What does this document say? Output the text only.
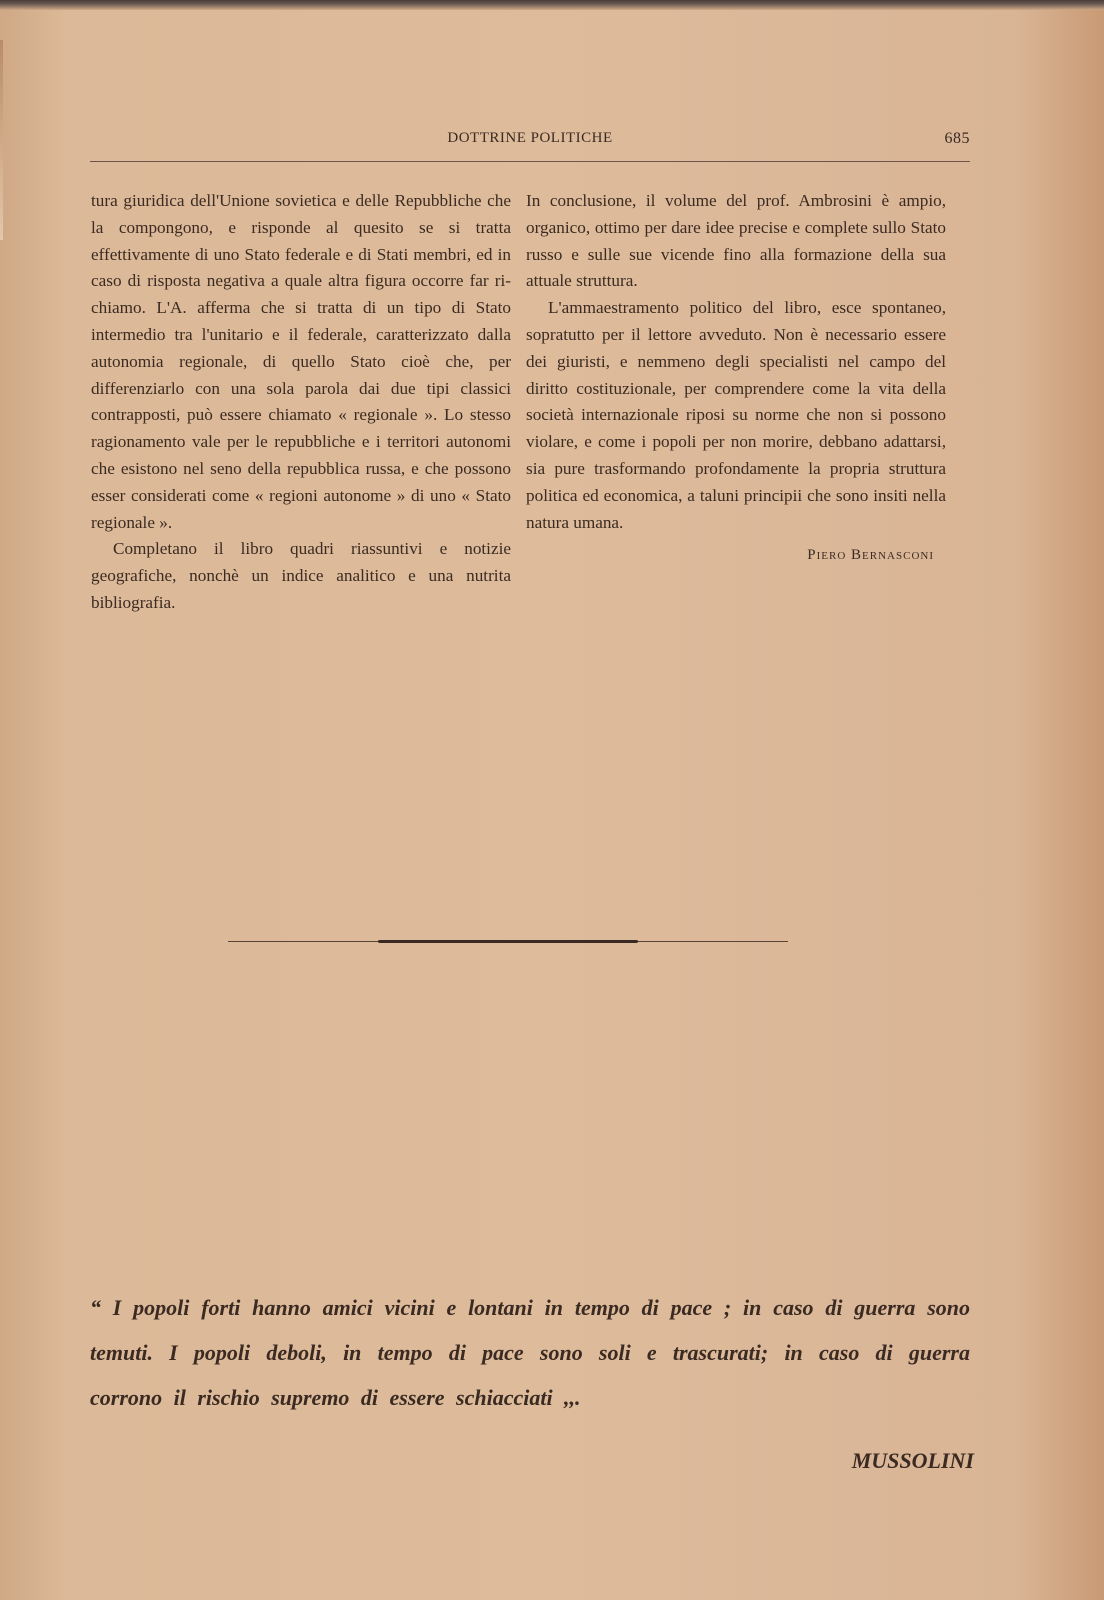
DOTTRINE POLITICHE	685

tura giuridica dell'Unione sovietica e delle Repubbliche che la compongono, e risponde al quesito se si tratta effettivamente di uno Stato federale e di Stati membri, ed in caso di risposta negativa a quale altra figura occorre far richiamo. L'A. afferma che si tratta di un tipo di Stato intermedio tra l'unitario e il federale, caratterizzato dalla autonomia regionale, di quello Stato cioè che, per differenziarlo con una sola parola dai due tipi classici contrapposti, può essere chiamato « regionale ». Lo stesso ragionamento vale per le repubbliche e i territori autonomi che esistono nel seno della repubblica russa, e che possono esser considerati come « regioni autonome » di uno « Stato regionale ».

Completano il libro quadri riassuntivi e notizie geografiche, nonchè un indice analitico e una nutrita bibliografia.

In conclusione, il volume del prof. Ambrosini è ampio, organico, ottimo per dare idee precise e complete sullo Stato russo e sulle sue vicende fino alla formazione della sua attuale struttura.

L'ammaestramento politico del libro, esce spontaneo, sopratutto per il lettore avveduto. Non è necessario essere dei giuristi, e nemmeno degli specialisti nel campo del diritto costituzionale, per comprendere come la vita della società internazionale riposi su norme che non si possono violare, e come i popoli per non morire, debbano adattarsi, sia pure trasformando profondamente la propria struttura politica ed economica, a taluni principii che sono insiti nella natura umana.

Piero Bernasconi

“ I popoli forti hanno amici vicini e lontani in tempo di pace ; in caso di guerra sono temuti. I popoli deboli, in tempo di pace sono soli e trascurati; in caso di guerra corrono il rischio supremo di essere schiacciati ,,.
MUSSOLINI
